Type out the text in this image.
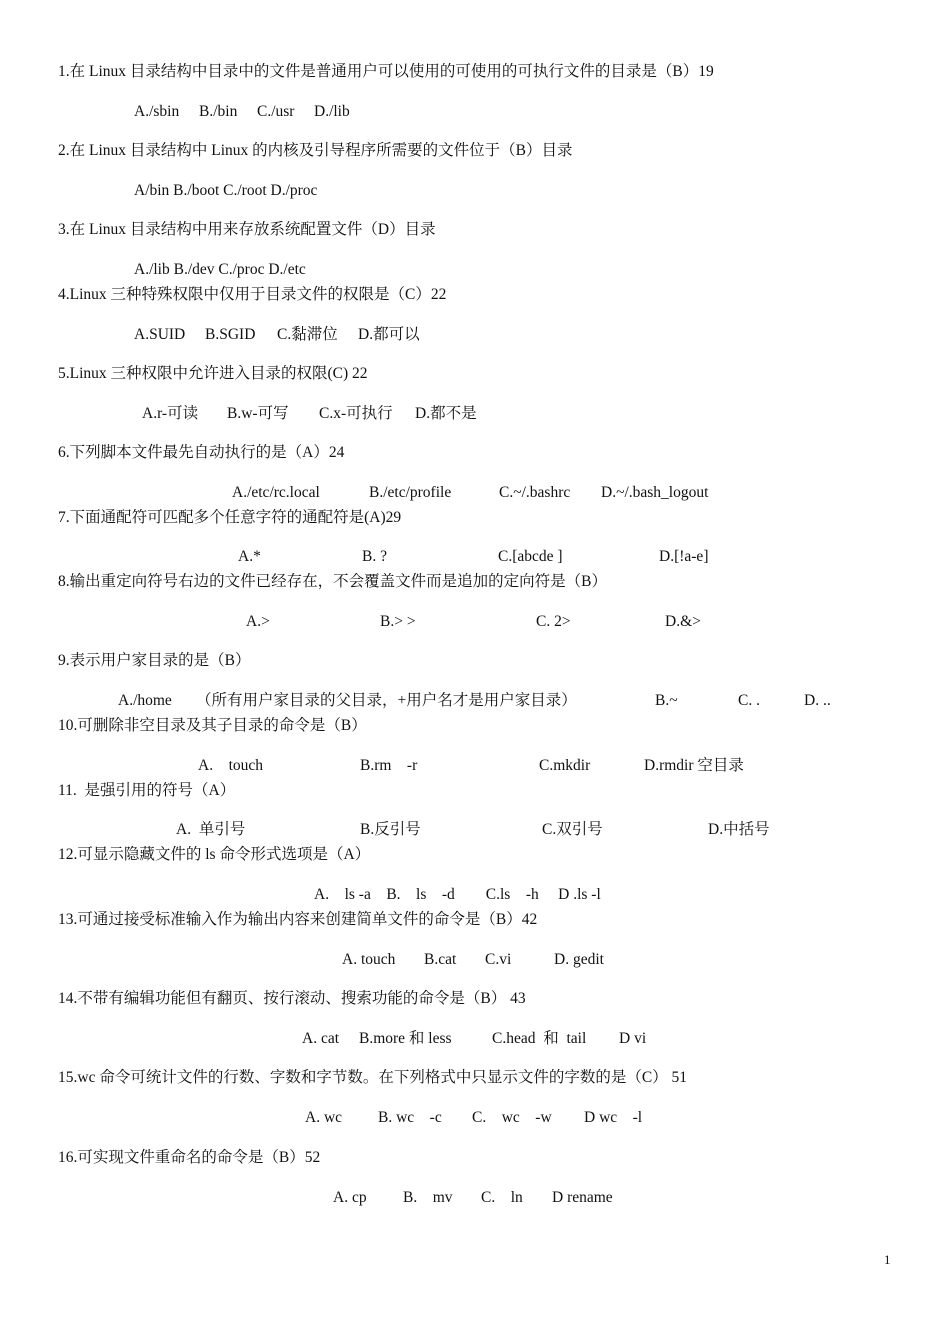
1.在 Linux 目录结构中目录中的文件是普通用户可以使用的可使用的可执行文件的目录是（B）19
A./sbin B./bin C./usr D./lib
2.在 Linux 目录结构中 Linux 的内核及引导程序所需要的文件位于（B）目录
A/bin B./boot C./root D./proc
3.在 Linux 目录结构中用来存放系统配置文件（D）目录
A./lib B./dev C./proc D./etc
4.Linux 三种特殊权限中仅用于目录文件的权限是（C）22
A.SUID B.SGID C.黏滞位 D.都可以
5.Linux 三种权限中允许进入目录的权限(C) 22
A.r-可读 B.w-可写 C.x-可执行 D.都不是
6.下列脚本文件最先自动执行的是（A）24
A./etc/rc.local	B./etc/profile	C.~/.bashrc D.~/.bash_logout
7.下面通配符可匹配多个任意字符的通配符是(A)29
A.*	B. ?	C.[abcde ]	D.[!a-e]
8.输出重定向符号右边的文件已经存在，不会覆盖文件而是追加的定向符是（B）
A.>	B.> >	C. 2>	D.&>
9.表示用户家目录的是（B）
A./home （所有用户家目录的父目录，+用户名才是用户家目录）	B.~	C. .	D. ..
10.可删除非空目录及其子目录的命令是（B）
A.    touch	B.rm    -r	C.mkdir	D.rmdir 空目录
11.  是强引用的符号（A）
A.  单引号	B.反引号	C.双引号	D.中括号
12.可显示隐藏文件的 ls 命令形式选项是（A）
A.    ls -a    B.    ls    -d        C.ls    -h     D .ls -l
13.可通过接受标准输入作为输出内容来创建简单文件的命令是（B）42
A. touch B.cat C.vi	D. gedit
14.不带有编辑功能但有翻页、按行滚动、搜索功能的命令是（B） 43
A. cat B.more 和 less	C.head  和  tail D vi
15.wc 命令可统计文件的行数、字数和字节数。在下列格式中只显示文件的字数的是（C） 51
A. wc B. wc    -c C.    wc    -w D wc    -l
16.可实现文件重命名的命令是（B）52
A. cp B.    mv C.    ln D rename
1
